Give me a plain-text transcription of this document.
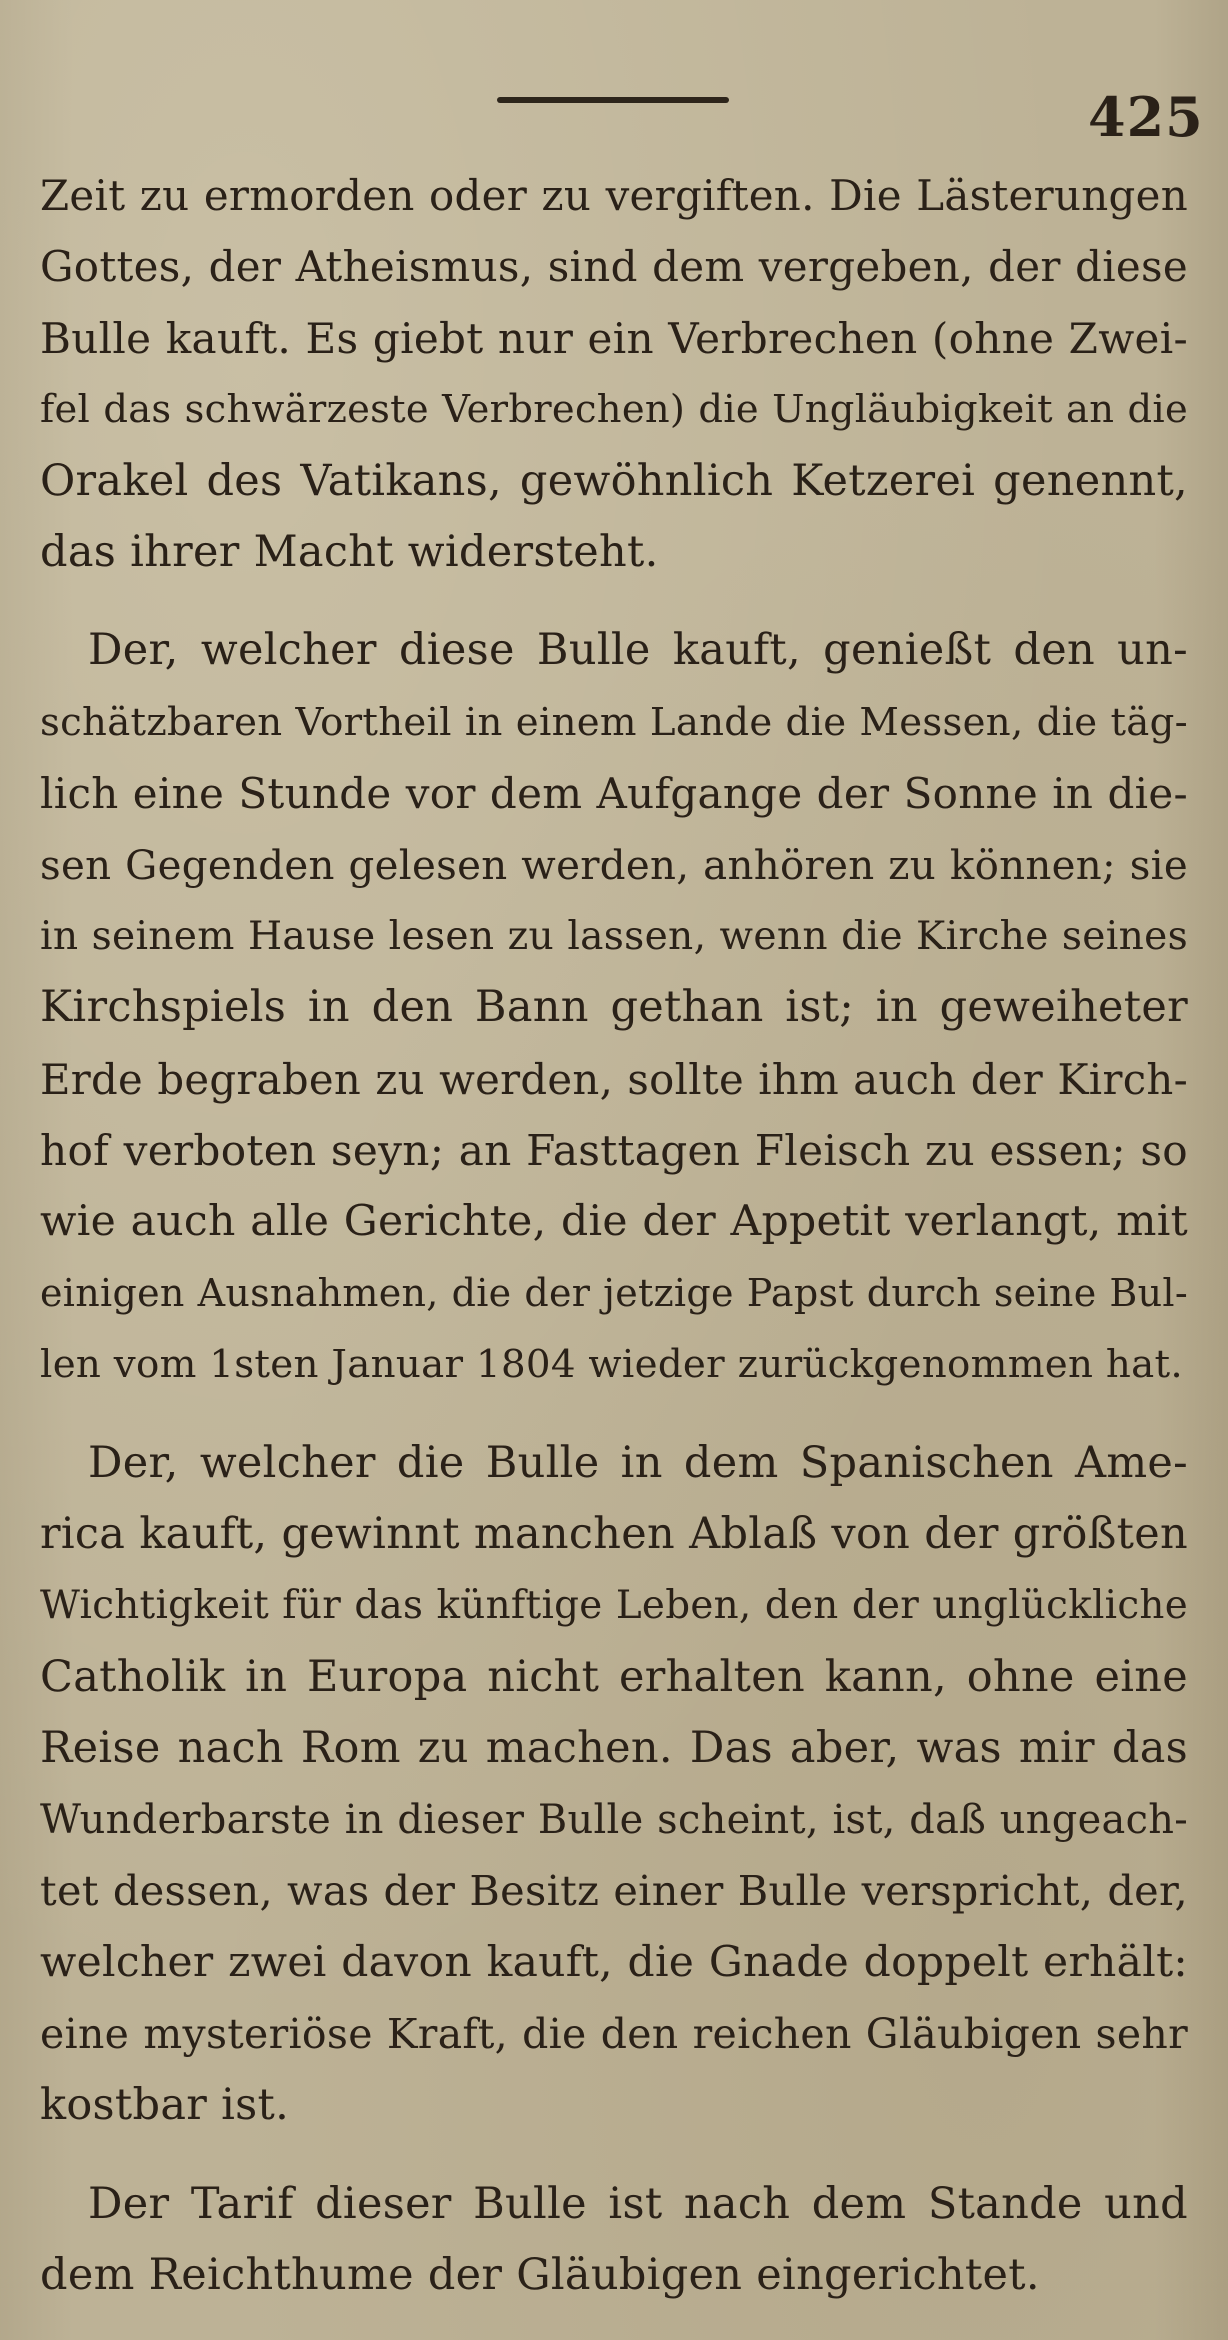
425
Zeit zu ermorden oder zu vergiften. Die Lästerungen
Gottes, der Atheismus, sind dem vergeben, der diese
Bulle kauft. Es giebt nur ein Verbrechen (ohne Zwei-
fel das schwärzeste Verbrechen) die Ungläubigkeit an die
Orakel des Vatikans, gewöhnlich Ketzerei genennt,
das ihrer Macht widersteht.
Der, welcher diese Bulle kauft, genießt den un-
schätzbaren Vortheil in einem Lande die Messen, die täg-
lich eine Stunde vor dem Aufgange der Sonne in die-
sen Gegenden gelesen werden, anhören zu können; sie
in seinem Hause lesen zu lassen, wenn die Kirche seines
Kirchspiels in den Bann gethan ist; in geweiheter
Erde begraben zu werden, sollte ihm auch der Kirch-
hof verboten seyn; an Fasttagen Fleisch zu essen; so
wie auch alle Gerichte, die der Appetit verlangt, mit
einigen Ausnahmen, die der jetzige Papst durch seine Bul-
len vom 1sten Januar 1804 wieder zurückgenommen hat.
Der, welcher die Bulle in dem Spanischen Ame-
rica kauft, gewinnt manchen Ablaß von der größten
Wichtigkeit für das künftige Leben, den der unglückliche
Catholik in Europa nicht erhalten kann, ohne eine
Reise nach Rom zu machen. Das aber, was mir das
Wunderbarste in dieser Bulle scheint, ist, daß ungeach-
tet dessen, was der Besitz einer Bulle verspricht, der,
welcher zwei davon kauft, die Gnade doppelt erhält:
eine mysteriöse Kraft, die den reichen Gläubigen sehr
kostbar ist.
Der Tarif dieser Bulle ist nach dem Stande und
dem Reichthume der Gläubigen eingerichtet.
